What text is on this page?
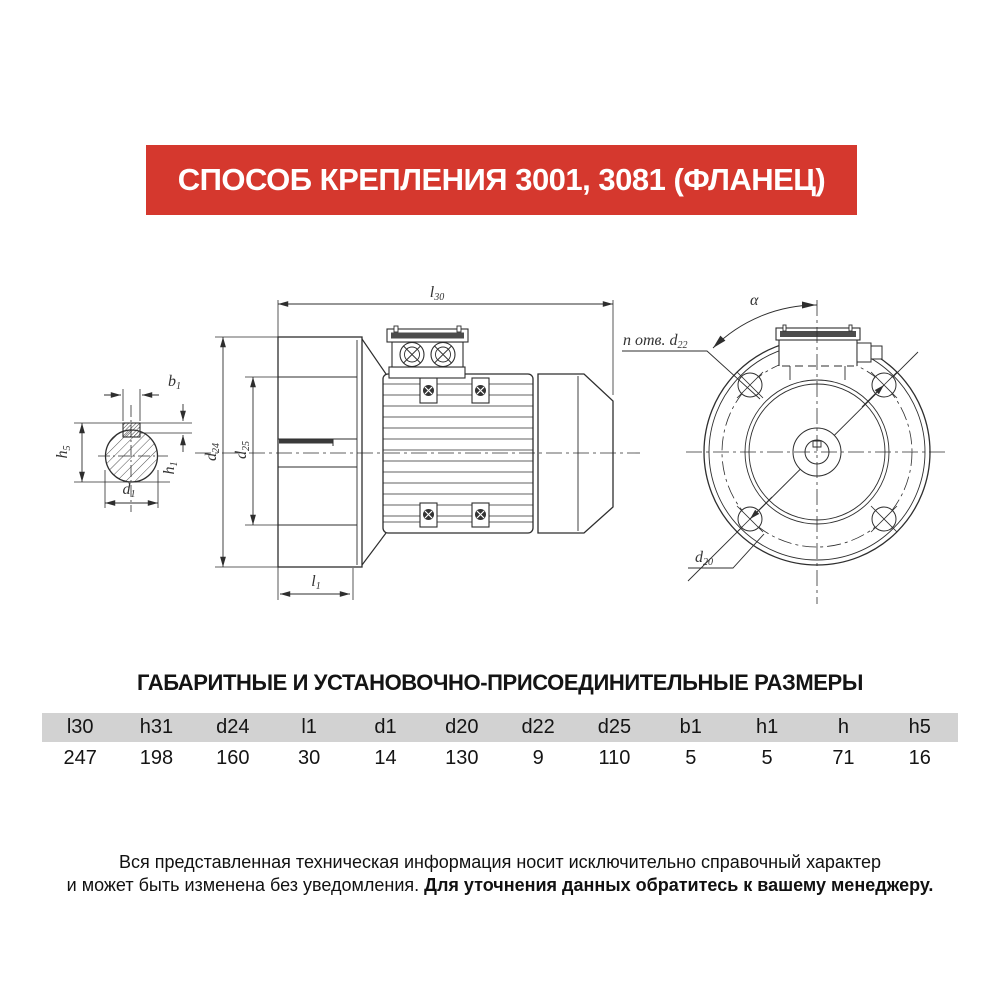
СПОСОБ КРЕПЛЕНИЯ 3001, 3081 (ФЛАНЕЦ)
b1
h5
h1
d1
l30
d24
d25
l1
α
n отв. d22
d20
ГАБАРИТНЫЕ И УСТАНОВОЧНО-ПРИСОЕДИНИТЕЛЬНЫЕ РАЗМЕРЫ
l30	h31	d24	l1	d1	d20	d22	d25	b1	h1	h	h5
247	198	160	30	14	130	9	110	5	5	71	16
Вся представленная техническая информация носит исключительно справочный характер
и может быть изменена без уведомления. Для уточнения данных обратитесь к вашему менеджеру.
